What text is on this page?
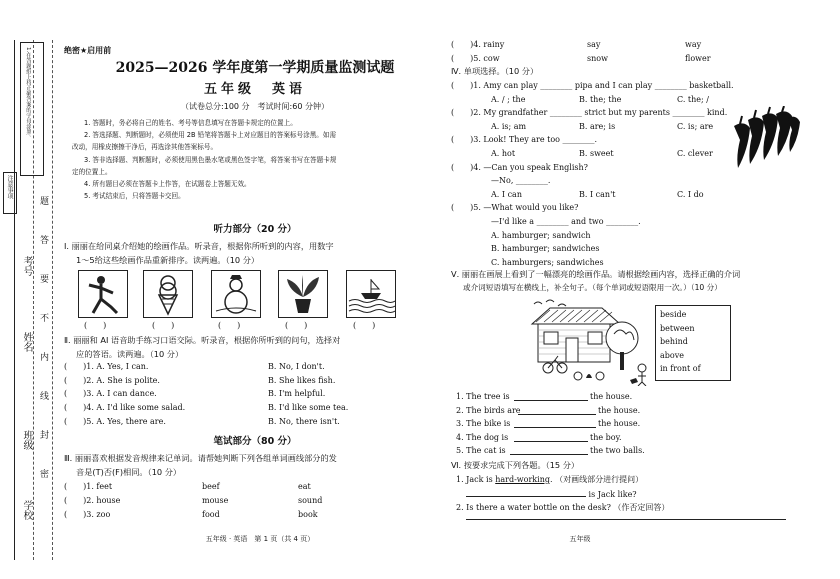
1.在答题纸上将正确答案的字母涂黑。
注意事项
考号
姓名
班级
学校
题
答
要
不
内
线
封
密
绝密★启用前
2025—2026 学年度第一学期质量监测试题
五年级　英语
（试卷总分:100 分　考试时间:60 分钟）
1. 答题时，务必将自己的姓名、考号等信息填写在答题卡规定的位置上。
2. 答选择题、判断题时，必须使用 2B 铅笔将答题卡上对应题目的答案标号涂黑。如需
改动，用橡皮擦擦干净后，再选涂其他答案标号。
3. 答非选择题、判断题时，必须使用黑色墨水笔或黑色签字笔，将答案书写在答题卡规
定的位置上。
4. 所有题目必须在答题卡上作答，在试题卷上答题无效。
5. 考试结束后，只将答题卡交回。
听力部分（20 分）
Ⅰ. 丽丽在给同桌介绍她的绘画作品。听录音，根据你所听到的内容，用数字
1～5给这些绘画作品重新排序。读两遍。（10 分）
(　　)	(　　)	(　　)	(　　)	(　　)
Ⅱ. 丽丽和 AI 语音助手练习口语交际。听录音，根据你所听到的问句，选择对
应的答语。读两遍。（10 分）
(　　)1. A. Yes, I can.	B. No, I don't.
(　　)2. A. She is polite.	B. She likes fish.
(　　)3. A. I can dance.	B. I'm helpful.
(　　)4. A. I'd like some salad.	B. I'd like some tea.
(　　)5. A. Yes, there are.	B. No, there isn't.
笔试部分（80 分）
Ⅲ. 丽丽喜欢根据发音规律来记单词。请帮她判断下列各组单词画线部分的发
音是(T)否(F)相同。（10 分）
(　　)1. feet	beef	eat
(　　)2. house	mouse	sound
(　　)3. zoo	food	book
五年级 · 英语　第 1 页（共 4 页）
(　　)4. rainy	say	way
(　　)5. cow	snow	flower
Ⅳ. 单项选择。（10 分）
(　　)1. Amy can play ________ pipa and I can play ________ basketball.
A. / ; the	B. the; the	C. the; /
(　　)2. My grandfather ________ strict but my parents ________ kind.
A. is; am	B. are; is	C. is; are
(　　)3. Look! They are too ________.
A. hot	B. sweet	C. clever
(　　)4. —Can you speak English?
—No, ________.
A. I can	B. I can't	C. I do
(　　)5. —What would you like?
—I'd like a ________ and two ________.
A. hamburger; sandwich
B. hamburger; sandwiches
C. hamburgers; sandwiches
Ⅴ. 丽丽在画展上看到了一幅漂亮的绘画作品。请根据绘画内容，选择正确的介词
或介词短语填写在横线上，补全句子。（每个单词或短语限用一次。）（10 分）
beside
between
behind
above
in front of
1. The tree is	the house.
2. The birds are	the house.
3. The bike is	the house.
4. The dog is	the boy.
5. The cat is	the two balls.
Ⅵ. 按要求完成下列各题。（15 分）
1. Jack is hard-working. （对画线部分进行提问）
is Jack like?
2. Is there a water bottle on the desk? （作否定回答）
五年级
